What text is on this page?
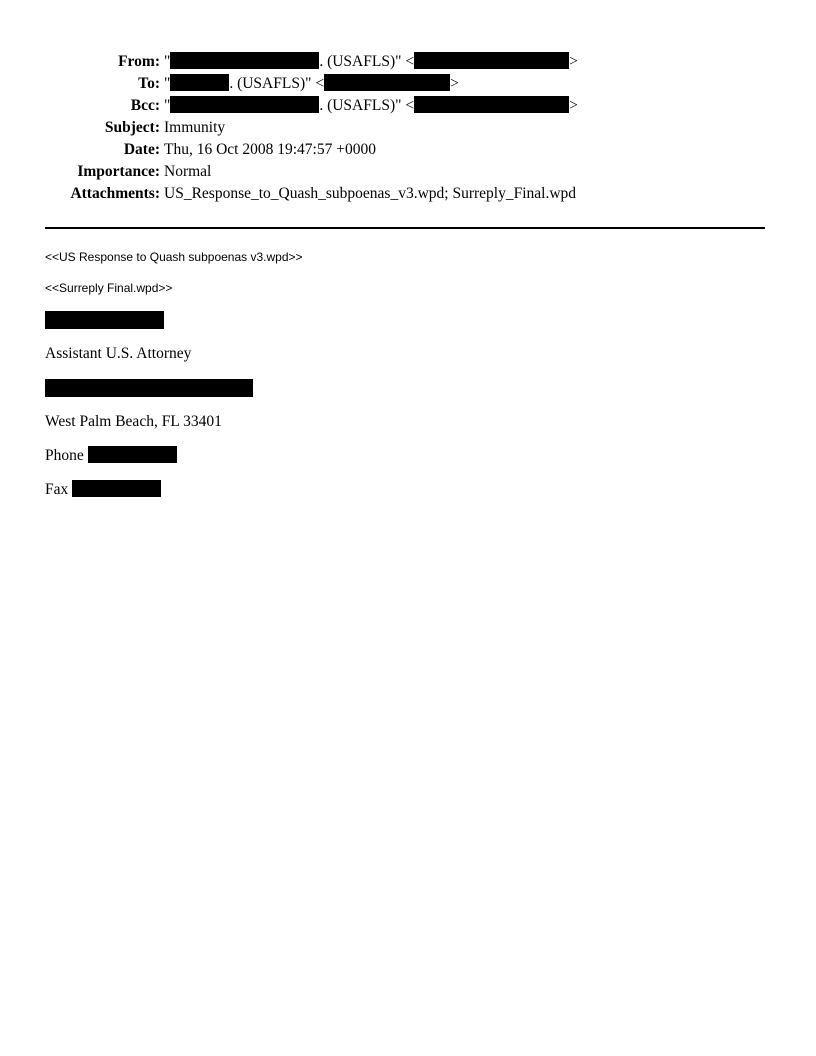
From: "	. (USAFLS)" <	>
To: "	. (USAFLS)" <	>
Bcc: "	. (USAFLS)" <	>
Subject: Immunity
Date: Thu, 16 Oct 2008 19:47:57 +0000
Importance: Normal
Attachments: US_Response_to_Quash_subpoenas_v3.wpd; Surreply_Final.wpd
<<US Response to Quash subpoenas v3.wpd>>
<<Surreply Final.wpd>>
Assistant U.S. Attorney
West Palm Beach, FL 33401
Phone
Fax
